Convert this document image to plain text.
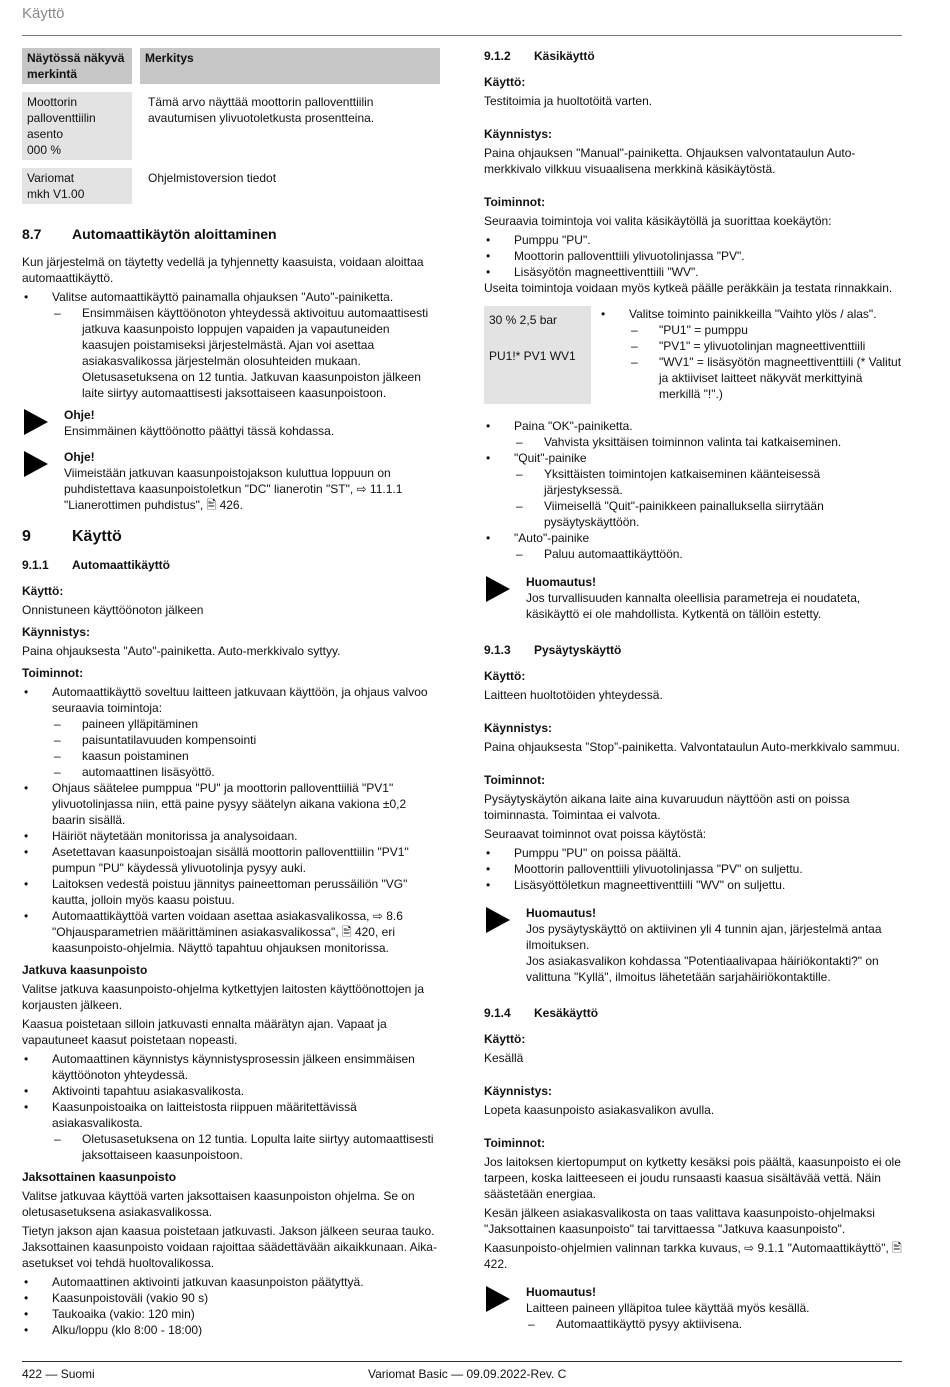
Käyttö
Näytössä näkyvä merkintä		Merkitys

Moottorin
palloventtiilin
asento
000 %		Tämä arvo näyttää moottorin palloventtiilin avautumisen ylivuotoletkusta prosentteina.

Variomat
mkh V1.00		Ohjelmistoversion tiedot
8.7 Automaattikäytön aloittaminen

Kun järjestelmä on täytetty vedellä ja tyhjennetty kaasuista, voidaan aloittaa automaattikäyttö.

• Valitse automaattikäyttö painamalla ohjauksen "Auto"-painiketta.
– Ensimmäisen käyttöönoton yhteydessä aktivoituu automaattisesti jatkuva kaasunpoisto loppujen vapaiden ja vapautuneiden kaasujen poistamiseksi järjestelmästä. Ajan voi asettaa asiakasvalikossa järjestelmän olosuhteiden mukaan. Oletusasetuksena on 12 tuntia. Jatkuvan kaasunpoiston jälkeen laite siirtyy automaattisesti jaksottaiseen kaasunpoistoon.
Ohje!
Ensimmäinen käyttöönotto päättyi tässä kohdassa.
Ohje!
Viimeistään jatkuvan kaasunpoistojakson kuluttua loppuun on puhdistettava kaasunpoistoletkun "DC" lianerotin "ST", ⇨ 11.1.1 "Lianerottimen puhdistus", 🖹 426.
9	Käyttö
9.1.1 Automaattikäyttö

Käyttö:

Onnistuneen käyttöönoton jälkeen

Käynnistys:

Paina ohjauksesta "Auto"-painiketta. Auto-merkkivalo syttyy.

Toiminnot:

• Automaattikäyttö soveltuu laitteen jatkuvaan käyttöön, ja ohjaus valvoo seuraavia toimintoja:
– paineen ylläpitäminen
– paisuntatilavuuden kompensointi
– kaasun poistaminen
– automaattinen lisäsyöttö.
• Ohjaus säätelee pumppua "PU" ja moottorin palloventtiiliä "PV1" ylivuotolinjassa niin, että paine pysyy säätelyn aikana vakiona ±0,2 baarin sisällä.
• Häiriöt näytetään monitorissa ja analysoidaan.
• Asetettavan kaasunpoistoajan sisällä moottorin palloventtiilin "PV1" pumpun "PU" käydessä ylivuotolinja pysyy auki.
• Laitoksen vedestä poistuu jännitys paineettoman perussäiliön "VG" kautta, jolloin myös kaasu poistuu.
• Automaattikäyttöä varten voidaan asettaa asiakasvalikossa, ⇨ 8.6 "Ohjausparametrien määrittäminen asiakasvalikossa", 🖹 420, eri kaasunpoisto-ohjelmia. Näyttö tapahtuu ohjauksen monitorissa.

Jatkuva kaasunpoisto

Valitse jatkuva kaasunpoisto-ohjelma kytkettyjen laitosten käyttöönottojen ja korjausten jälkeen.

Kaasua poistetaan silloin jatkuvasti ennalta määrätyn ajan. Vapaat ja vapautuneet kaasut poistetaan nopeasti.

• Automaattinen käynnistys käynnistysprosessin jälkeen ensimmäisen käyttöönoton yhteydessä.
• Aktivointi tapahtuu asiakasvalikosta.
• Kaasunpoistoaika on laitteistosta riippuen määritettävissä asiakasvalikosta.
– Oletusasetuksena on 12 tuntia. Lopulta laite siirtyy automaattisesti jaksottaiseen kaasunpoistoon.

Jaksottainen kaasunpoisto

Valitse jatkuvaa käyttöä varten jaksottaisen kaasunpoiston ohjelma. Se on oletusasetuksena asiakasvalikossa.

Tietyn jakson ajan kaasua poistetaan jatkuvasti. Jakson jälkeen seuraa tauko. Jaksottainen kaasunpoisto voidaan rajoittaa säädettävään aikaikkunaan. Aika-asetukset voi tehdä huoltovalikossa.

• Automaattinen aktivointi jatkuvan kaasunpoiston päätyttyä.
• Kaasunpoistoväli (vakio 90 s)
• Taukoaika (vakio: 120 min)
• Alku/loppu (klo 8:00 - 18:00)
9.1.2 Käsikäyttö

Käyttö:

Testitoimia ja huoltotöitä varten.

Käynnistys:

Paina ohjauksen "Manual"-painiketta. Ohjauksen valvontataulun Auto-merkkivalo vilkkuu visuaalisena merkkinä käsikäytöstä.

Toiminnot:

Seuraavia toimintoja voi valita käsikäytöllä ja suorittaa koekäytön:

• Pumppu "PU".
• Moottorin palloventtiili ylivuotolinjassa "PV".
• Lisäsyötön magneettiventtiili "WV".

Useita toimintoja voidaan myös kytkeä päälle peräkkäin ja testata rinnakkain.

30 % 2,5 bar
PU1!* PV1 WV1
• Valitse toiminto painikkeilla "Vaihto ylös / alas".
– "PU1" = pumppu
– "PV1" = ylivuotolinjan magneettiventtiili
– "WV1" = lisäsyötön magneettiventtiili (* Valitut ja aktiiviset laitteet näkyvät merkittyinä merkillä "!".)
• Paina "OK"-painiketta.
– Vahvista yksittäisen toiminnon valinta tai katkaiseminen.
• "Quit"-painike
– Yksittäisten toimintojen katkaiseminen käänteisessä järjestyksessä.
– Viimeisellä "Quit"-painikkeen painalluksella siirrytään pysäytyskäyttöön.
• "Auto"-painike
– Paluu automaattikäyttöön.
Huomautus!
Jos turvallisuuden kannalta oleellisia parametreja ei noudateta, käsikäyttö ei ole mahdollista. Kytkentä on tällöin estetty.
9.1.3 Pysäytyskäyttö

Käyttö:

Laitteen huoltotöiden yhteydessä.

Käynnistys:

Paina ohjauksesta ”Stop”-painiketta. Valvontataulun Auto-merkkivalo sammuu.

Toiminnot:

Pysäytyskäytön aikana laite aina kuvaruudun näyttöön asti on poissa toiminnasta. Toimintaa ei valvota.

Seuraavat toiminnot ovat poissa käytöstä:

• Pumppu "PU" on poissa päältä.
• Moottorin palloventtiili ylivuotolinjassa "PV" on suljettu.
• Lisäsyöttöletkun magneettiventtiili "WV" on suljettu.
Huomautus!
Jos pysäytyskäyttö on aktiivinen yli 4 tunnin ajan, järjestelmä antaa ilmoituksen.
Jos asiakasvalikon kohdassa "Potentiaalivapaa häiriökontakti?" on valittuna "Kyllä", ilmoitus lähetetään sarjahäiriökontaktille.
9.1.4 Kesäkäyttö

Käyttö:

Kesällä

Käynnistys:

Lopeta kaasunpoisto asiakasvalikon avulla.

Toiminnot:

Jos laitoksen kiertopumput on kytketty kesäksi pois päältä, kaasunpoisto ei ole tarpeen, koska laitteeseen ei joudu runsaasti kaasua sisältävää vettä. Näin säästetään energiaa.

Kesän jälkeen asiakasvalikosta on taas valittava kaasunpoisto-ohjelmaksi "Jaksottainen kaasunpoisto" tai tarvittaessa "Jatkuva kaasunpoisto".

Kaasunpoisto-ohjelmien valinnan tarkka kuvaus, ⇨ 9.1.1 "Automaattikäyttö", 🖹 422.

Huomautus!
Laitteen paineen ylläpitoa tulee käyttää myös kesällä.
– Automaattikäyttö pysyy aktiivisena.
422 — Suomi	Variomat Basic — 09.09.2022-Rev. C
